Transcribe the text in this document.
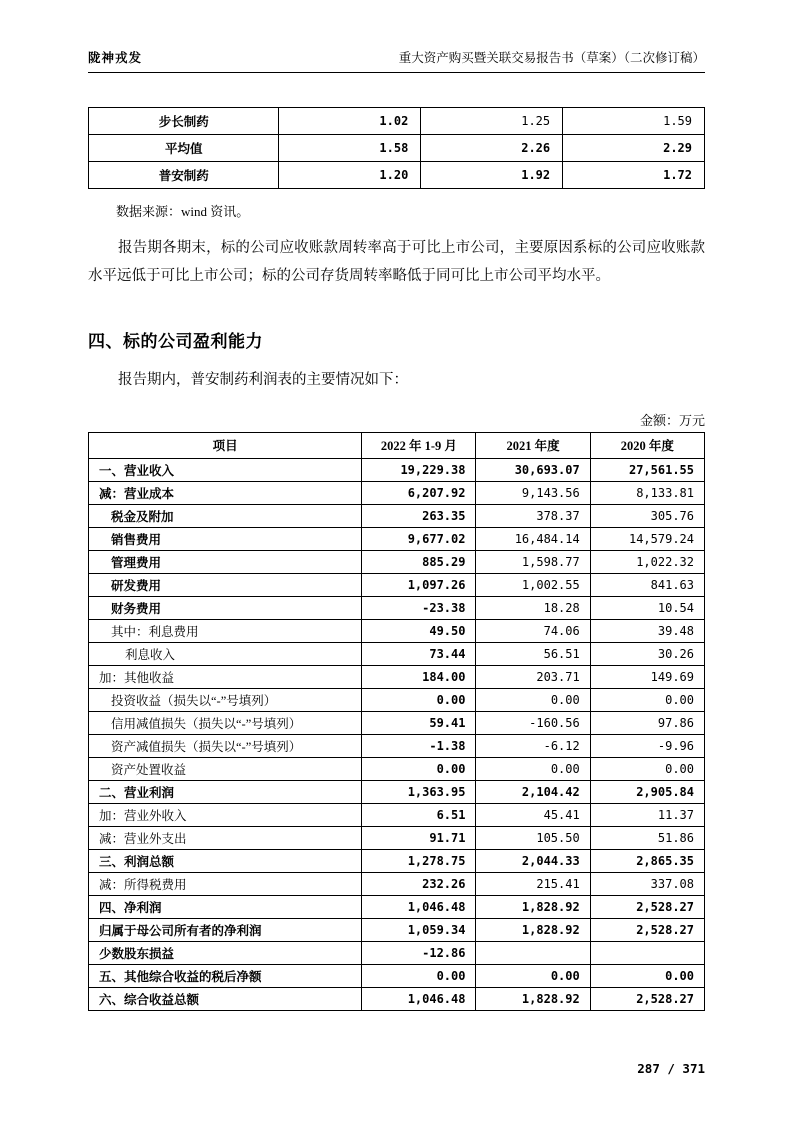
陇神戎发	重大资产购买暨关联交易报告书（草案）（二次修订稿）
步长制药	1.02	1.25	1.59
平均值	1.58	2.26	2.29
普安制药	1.20	1.92	1.72

数据来源：wind 资讯。

报告期各期末，标的公司应收账款周转率高于可比上市公司，主要原因系标的公司应收账款水平远低于可比上市公司；标的公司存货周转率略低于同可比上市公司平均水平。

四、标的公司盈利能力

报告期内，普安制药利润表的主要情况如下：

金额：万元
项目	2022 年 1-9 月	2021 年度	2020 年度
一、营业收入	19,229.38	30,693.07	27,561.55
减：营业成本	6,207.92	9,143.56	8,133.81
税金及附加	263.35	378.37	305.76
销售费用	9,677.02	16,484.14	14,579.24
管理费用	885.29	1,598.77	1,022.32
研发费用	1,097.26	1,002.55	841.63
财务费用	-23.38	18.28	10.54
其中：利息费用	49.50	74.06	39.48
利息收入	73.44	56.51	30.26
加：其他收益	184.00	203.71	149.69
投资收益（损失以“-”号填列）	0.00	0.00	0.00
信用减值损失（损失以“-”号填列）	59.41	-160.56	97.86
资产减值损失（损失以“-”号填列）	-1.38	-6.12	-9.96
资产处置收益	0.00	0.00	0.00
二、营业利润	1,363.95	2,104.42	2,905.84
加：营业外收入	6.51	45.41	11.37
减：营业外支出	91.71	105.50	51.86
三、利润总额	1,278.75	2,044.33	2,865.35
减：所得税费用	232.26	215.41	337.08
四、净利润	1,046.48	1,828.92	2,528.27
归属于母公司所有者的净利润	1,059.34	1,828.92	2,528.27
少数股东损益	-12.86		
五、其他综合收益的税后净额	0.00	0.00	0.00
六、综合收益总额	1,046.48	1,828.92	2,528.27
287 / 371
